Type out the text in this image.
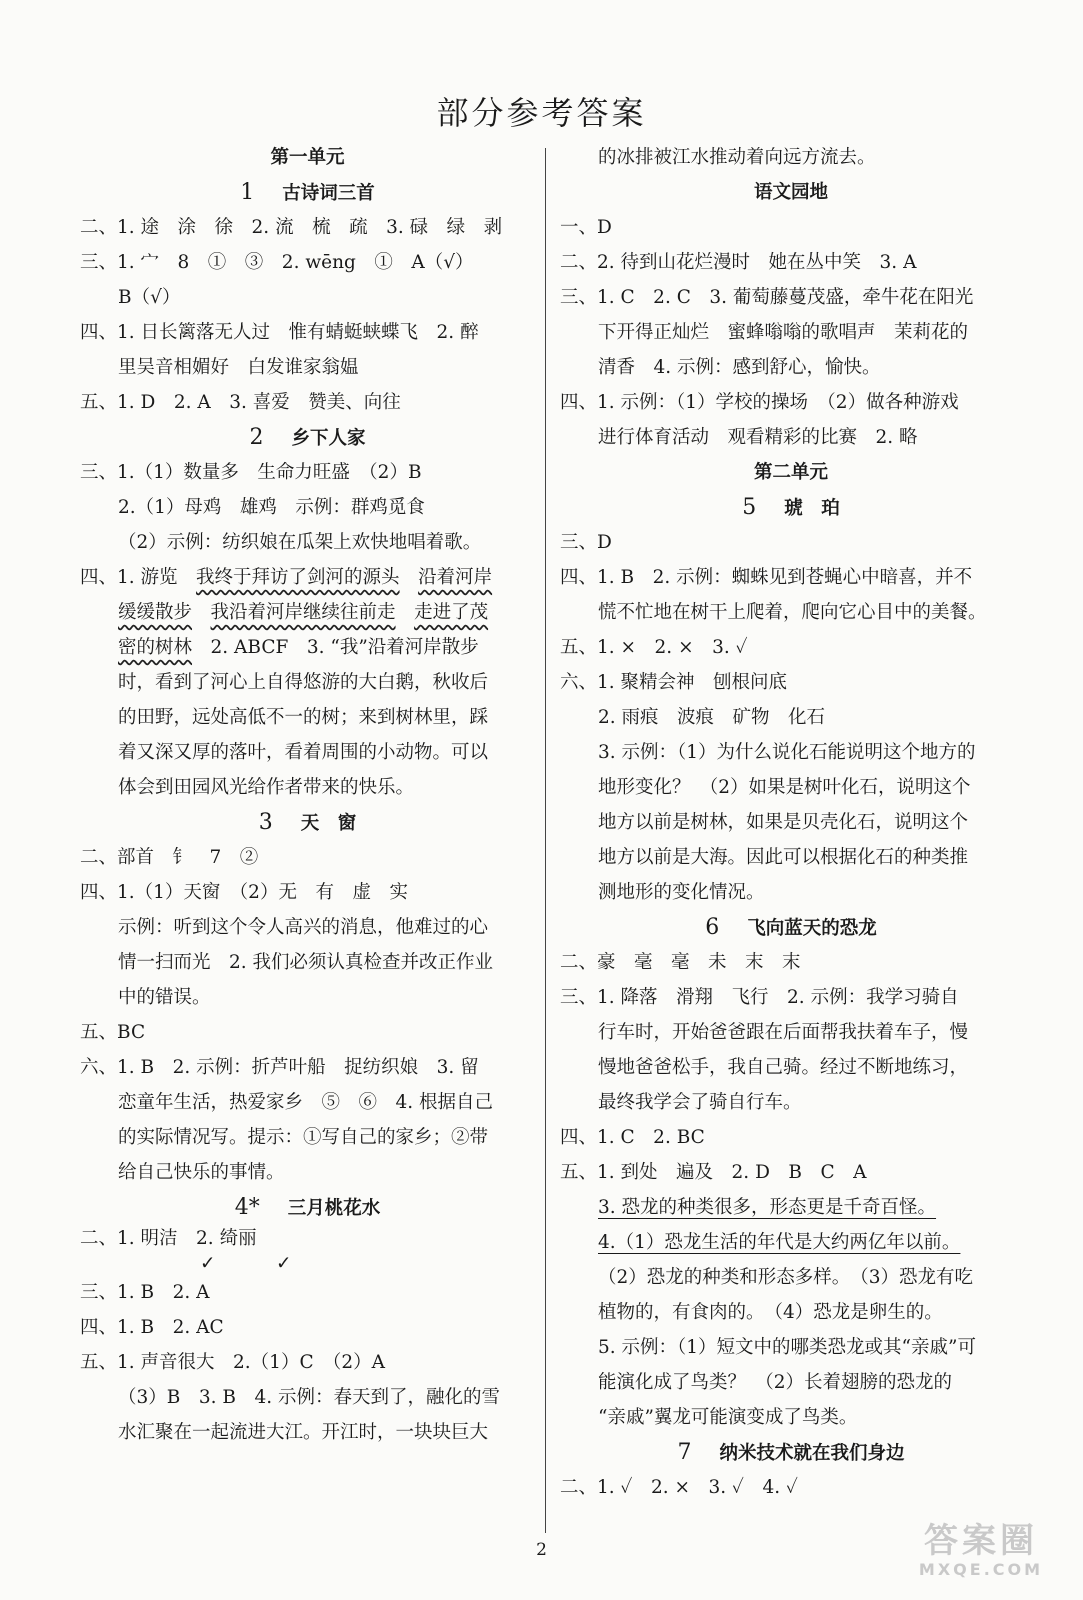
部分参考答案
第一单元
1 古诗词三首
二、1. 途　涂　徐　2. 流　梳　疏　3. 碌　绿　剥
三、1. 宀　8　①　③　2. wēng　①　A（√）
B（√）
四、1. 日长篱落无人过　惟有蜻蜓蛱蝶飞　2. 醉
里吴音相媚好　白发谁家翁媪
五、1. D　2. A　3. 喜爱　赞美、向往
2 乡下人家
三、1.（1）数量多　生命力旺盛　（2）B
2.（1）母鸡　雄鸡　示例：群鸡觅食
（2）示例：纺织娘在瓜架上欢快地唱着歌。
四、1. 游览　我终于拜访了剑河的源头　 沿着河岸
缓缓散步　 我沿着河岸继续往前走　 走进了茂
密的树林　2. ABCF　3. “我”沿着河岸散步
时，看到了河心上自得悠游的大白鹅，秋收后
的田野，远处高低不一的树；来到树林里，踩
着又深又厚的落叶，看着周围的小动物。可以
体会到田园风光给作者带来的快乐。
3 天　窗
二、部首　钅　7　②
四、1.（1）天窗　（2）无　有　虚　实
示例：听到这个令人高兴的消息，他难过的心
情一扫而光　2. 我们必须认真检查并改正作业
中的错误。
五、BC
六、1. B　2. 示例：折芦叶船　捉纺织娘　3. 留
恋童年生活，热爱家乡　⑤　⑥　4. 根据自己
的实际情况写。提示：①写自己的家乡；②带
给自己快乐的事情。
4* 三月桃花水
二、1. 明洁　2. 绮丽
✓	✓
三、1. B　2. A
四、1. B　2. AC
五、1. 声音很大　2.（1）C　（2）A
（3）B　3. B　4. 示例：春天到了，融化的雪
水汇聚在一起流进大江。开江时，一块块巨大
的冰排被江水推动着向远方流去。
语文园地
一、D
二、2. 待到山花烂漫时　她在丛中笑　3. A
三、1. C　2. C　3. 葡萄藤蔓茂盛，牵牛花在阳光
下开得正灿烂　蜜蜂嗡嗡的歌唱声　茉莉花的
清香　4. 示例：感到舒心，愉快。
四、1. 示例：（1）学校的操场　（2）做各种游戏
进行体育活动　观看精彩的比赛　2. 略
第二单元
5 琥　珀
三、D
四、1. B　2. 示例：蜘蛛见到苍蝇心中暗喜，并不
慌不忙地在树干上爬着，爬向它心目中的美餐。
五、1. ×　2. ×　3. ✓
六、1. 聚精会神　刨根问底
2. 雨痕　波痕　矿物　化石
3. 示例：（1）为什么说化石能说明这个地方的
地形变化？　（2）如果是树叶化石，说明这个
地方以前是树林，如果是贝壳化石，说明这个
地方以前是大海。因此可以根据化石的种类推
测地形的变化情况。
6 飞向蓝天的恐龙
二、豪　毫　毫　未　末　末
三、1. 降落　滑翔　飞行　2. 示例：我学习骑自
行车时，开始爸爸跟在后面帮我扶着车子，慢
慢地爸爸松手，我自己骑。经过不断地练习，
最终我学会了骑自行车。
四、1. C　2. BC
五、1. 到处　遍及　2. D　B　C　A
3. 恐龙的种类很多，形态更是千奇百怪。
4.（1）恐龙生活的年代是大约两亿年以前。
（2）恐龙的种类和形态多样。　（3）恐龙有吃
植物的，有食肉的。　（4）恐龙是卵生的。
5. 示例：（1）短文中的哪类恐龙或其“亲戚”可
能演化成了鸟类？　（2）长着翅膀的恐龙的
“亲戚”翼龙可能演变成了鸟类。
7 纳米技术就在我们身边
二、1. ✓　2. ×　3. ✓　4. ✓
2	答案圈
MXQE.COM
